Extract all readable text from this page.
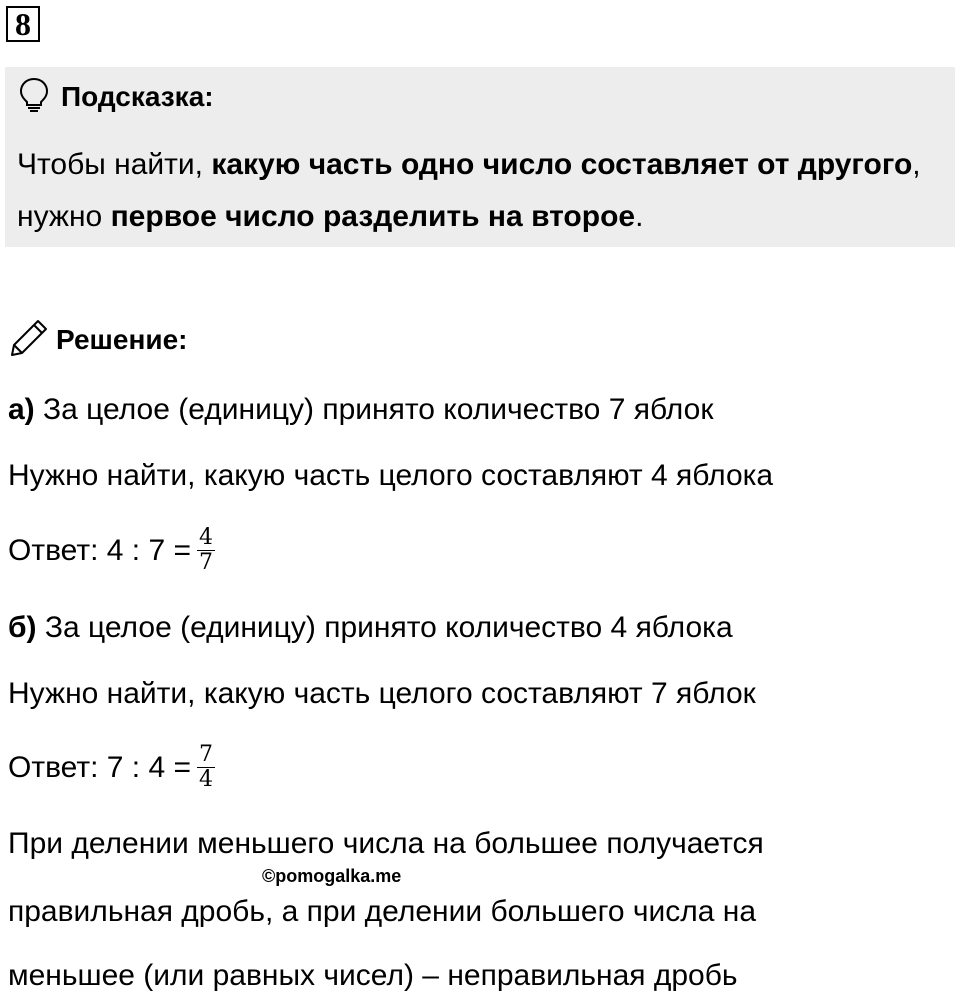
8
Подсказка:
Чтобы найти, какую часть одно число составляет от другого, нужно первое число разделить на второе.
Решение:
а) За целое (единицу) принято количество 7 яблок
Нужно найти, какую часть целого составляют 4 яблока
Ответ: 4 : $7 = \frac{4}{7}$
б) За целое (единицу) принято количество 4 яблока
Нужно найти, какую часть целого составляют 7 яблок
Ответ: 7 : $4 = \frac{7}{4}$
При делении меньшего числа на большее получается
©pomogalka.me
правильная дробь, а при делении большего числа на
меньшее (или равных чисел) – неправильная дробь
